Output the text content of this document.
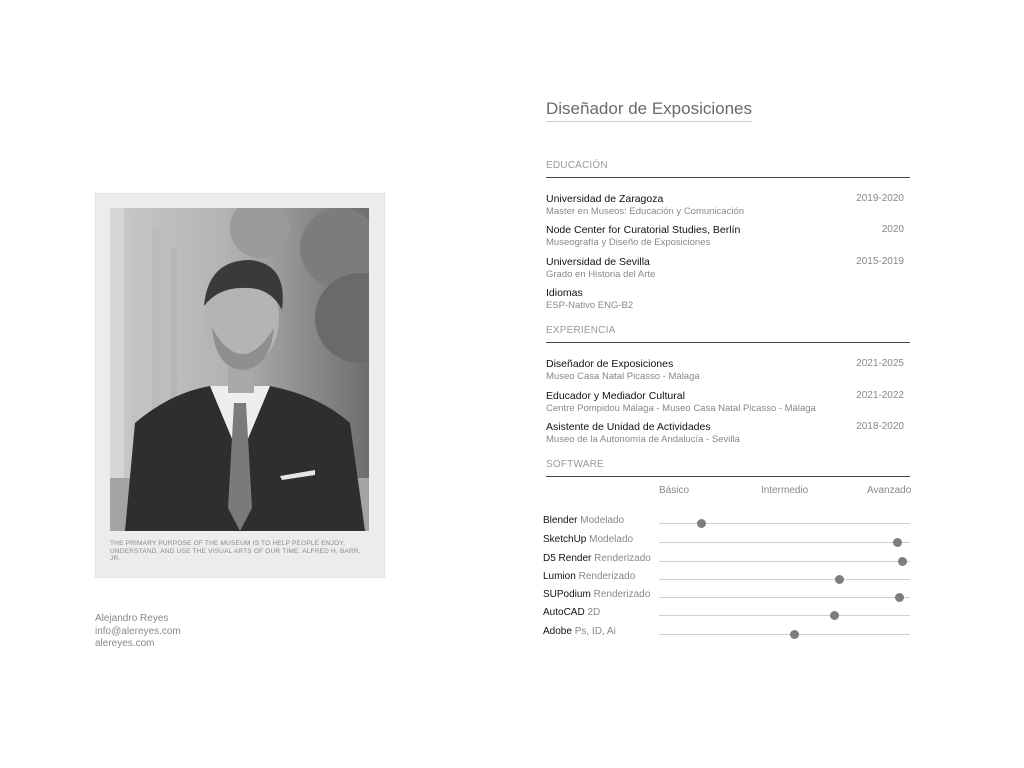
THE PRIMARY PURPOSE OF THE MUSEUM IS TO HELP PEOPLE ENJOY, UNDERSTAND, AND USE THE VISUAL ARTS OF OUR TIME. ALFRED H. BARR, JR.
Alejandro Reyes
info@alereyes.com
alereyes.com
Diseñador de Exposiciones
EDUCACIÓN
Universidad de Zaragoza
Master en Museos: Educación y Comunicación
2019-2020
Node Center for Curatorial Studies, Berlín
Museografía y Diseño de Exposiciones
2020
Universidad de Sevilla
Grado en Historia del Arte
2015-2019
Idiomas
ESP-Nativo ENG-B2
EXPERIENCIA
Diseñador de Exposiciones
Museo Casa Natal Picasso - Málaga
2021-2025
Educador y Mediador Cultural
Centre Pompidou Málaga - Museo Casa Natal Picasso - Málaga
2021-2022
Asistente de Unidad de Actividades
Museo de la Autonomía de Andalucía - Sevilla
2018-2020
SOFTWARE
Básico	Intermedio	Avanzado
Blender Modelado
SketchUp Modelado
D5 Render Renderizado
Lumion Renderizado
SUPodium Renderizado
AutoCAD 2D
Adobe Ps, ID, Ai
